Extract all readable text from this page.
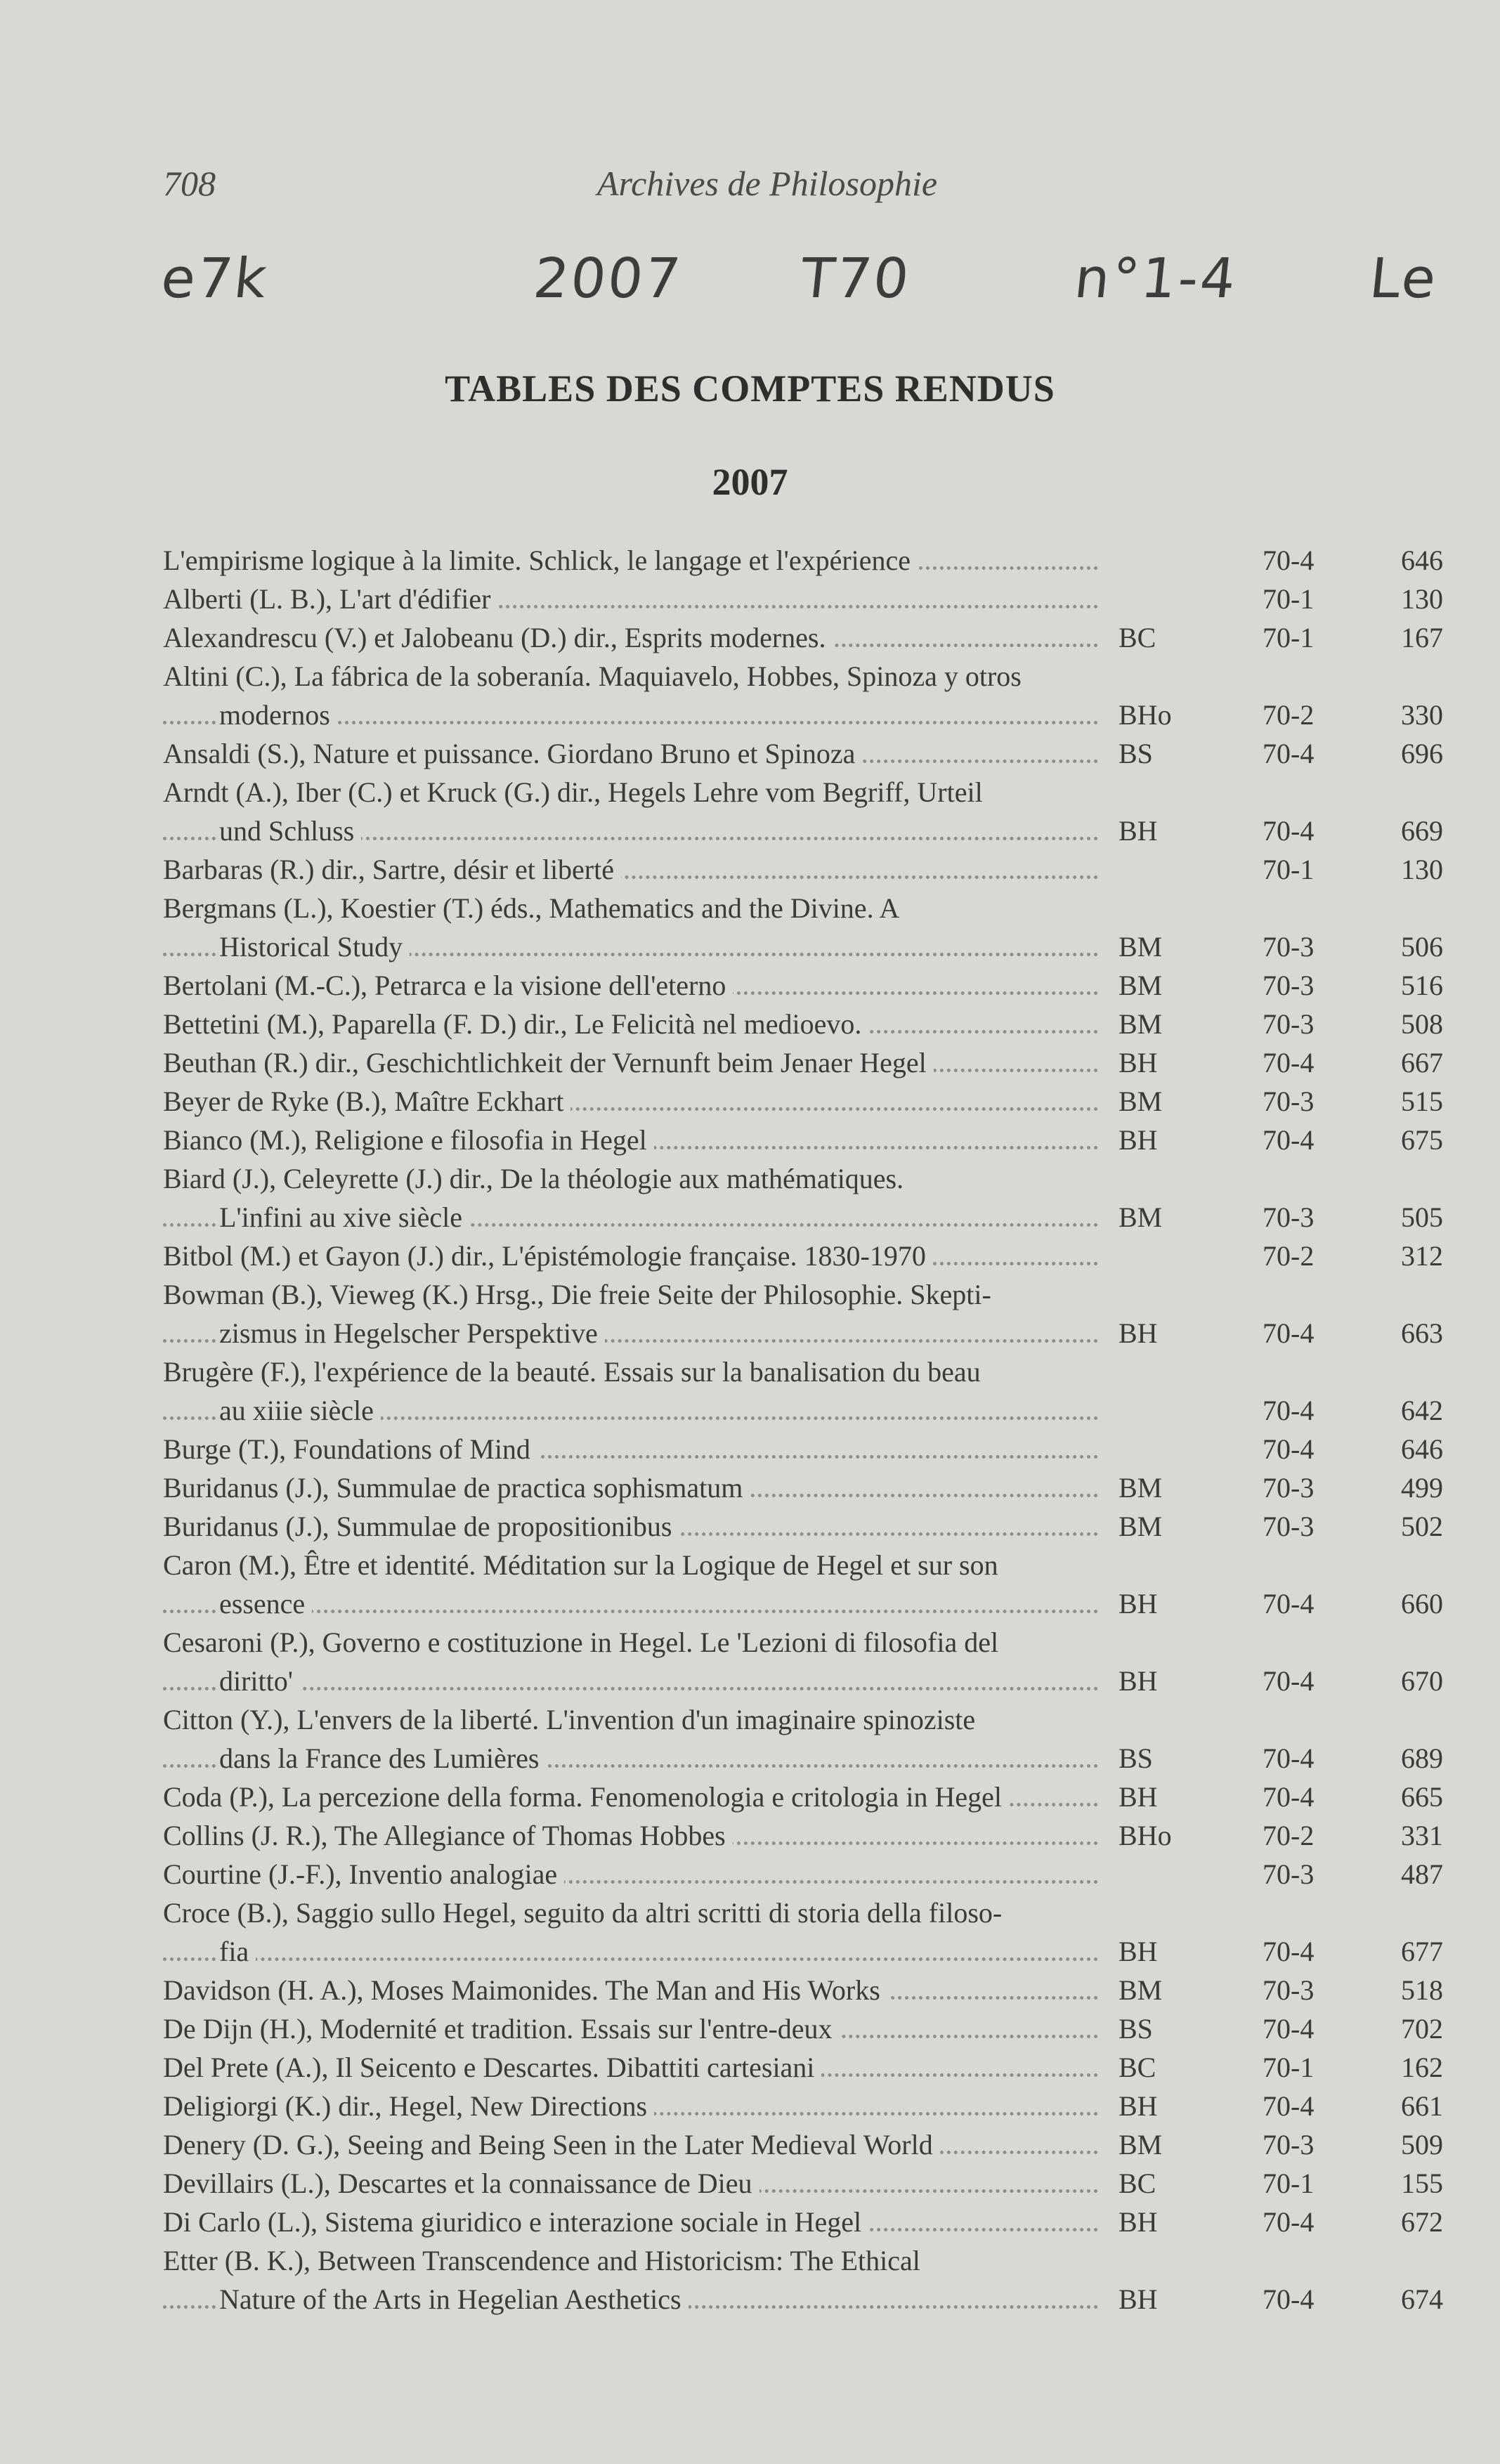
708	Archives de Philosophie
e7k	2007 T70	n°1-4 Le
TABLES DES COMPTES RENDUS
2007
L'empirisme logique à la limite. Schlick, le langage et l'expérience	70-4	646
Alberti (L. B.), L'art d'édifier	70-1	130
Alexandrescu (V.) et Jalobeanu (D.) dir., Esprits modernes.	BC	70-1	167
Altini (C.), La fábrica de la soberanía. Maquiavelo, Hobbes, Spinoza y otros
modernos	BHo	70-2	330
Ansaldi (S.), Nature et puissance. Giordano Bruno et Spinoza	BS	70-4	696
Arndt (A.), Iber (C.) et Kruck (G.) dir., Hegels Lehre vom Begriff, Urteil
und Schluss	BH	70-4	669
Barbaras (R.) dir., Sartre, désir et liberté	70-1	130
Bergmans (L.), Koestier (T.) éds., Mathematics and the Divine. A
Historical Study	BM	70-3	506
Bertolani (M.-C.), Petrarca e la visione dell'eterno	BM	70-3	516
Bettetini (M.), Paparella (F. D.) dir., Le Felicità nel medioevo.	BM	70-3	508
Beuthan (R.) dir., Geschichtlichkeit der Vernunft beim Jenaer Hegel	BH	70-4	667
Beyer de Ryke (B.), Maître Eckhart	BM	70-3	515
Bianco (M.), Religione e filosofia in Hegel	BH	70-4	675
Biard (J.), Celeyrette (J.) dir., De la théologie aux mathématiques.
L'infini au xive siècle	BM	70-3	505
Bitbol (M.) et Gayon (J.) dir., L'épistémologie française. 1830-1970	70-2	312
Bowman (B.), Vieweg (K.) Hrsg., Die freie Seite der Philosophie. Skepti-
zismus in Hegelscher Perspektive	BH	70-4	663
Brugère (F.), l'expérience de la beauté. Essais sur la banalisation du beau
au xiiie siècle	70-4	642
Burge (T.), Foundations of Mind	70-4	646
Buridanus (J.), Summulae de practica sophismatum	BM	70-3	499
Buridanus (J.), Summulae de propositionibus	BM	70-3	502
Caron (M.), Être et identité. Méditation sur la Logique de Hegel et sur son
essence	BH	70-4	660
Cesaroni (P.), Governo e costituzione in Hegel. Le 'Lezioni di filosofia del
diritto'	BH	70-4	670
Citton (Y.), L'envers de la liberté. L'invention d'un imaginaire spinoziste
dans la France des Lumières	BS	70-4	689
Coda (P.), La percezione della forma. Fenomenologia e critologia in Hegel	BH	70-4	665
Collins (J. R.), The Allegiance of Thomas Hobbes	BHo	70-2	331
Courtine (J.-F.), Inventio analogiae	70-3	487
Croce (B.), Saggio sullo Hegel, seguito da altri scritti di storia della filoso-
fia	BH	70-4	677
Davidson (H. A.), Moses Maimonides. The Man and His Works	BM	70-3	518
De Dijn (H.), Modernité et tradition. Essais sur l'entre-deux	BS	70-4	702
Del Prete (A.), Il Seicento e Descartes. Dibattiti cartesiani	BC	70-1	162
Deligiorgi (K.) dir., Hegel, New Directions	BH	70-4	661
Denery (D. G.), Seeing and Being Seen in the Later Medieval World	BM	70-3	509
Devillairs (L.), Descartes et la connaissance de Dieu	BC	70-1	155
Di Carlo (L.), Sistema giuridico e interazione sociale in Hegel	BH	70-4	672
Etter (B. K.), Between Transcendence and Historicism: The Ethical
Nature of the Arts in Hegelian Aesthetics	BH	70-4	674
